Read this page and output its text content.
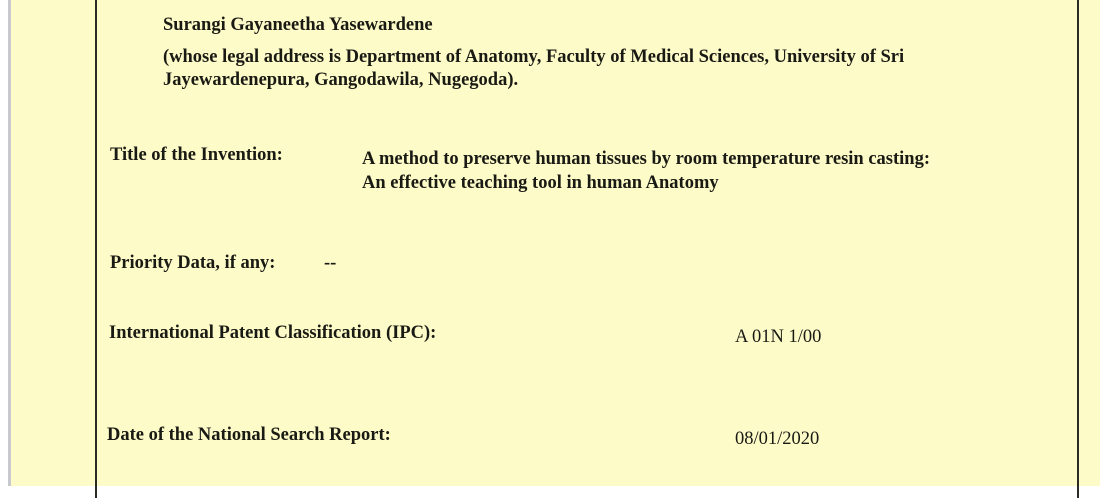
Surangi Gayaneetha Yasewardene
(whose legal address is Department of Anatomy, Faculty of Medical Sciences, University of Sri
Jayewardenepura, Gangodawila, Nugegoda).
Title of the Invention:	A method to preserve human tissues by room temperature resin casting:
An effective teaching tool in human Anatomy
Priority Data, if any:	--
International Patent Classification (IPC):	A 01N 1/00
Date of the National Search Report:	08/01/2020
